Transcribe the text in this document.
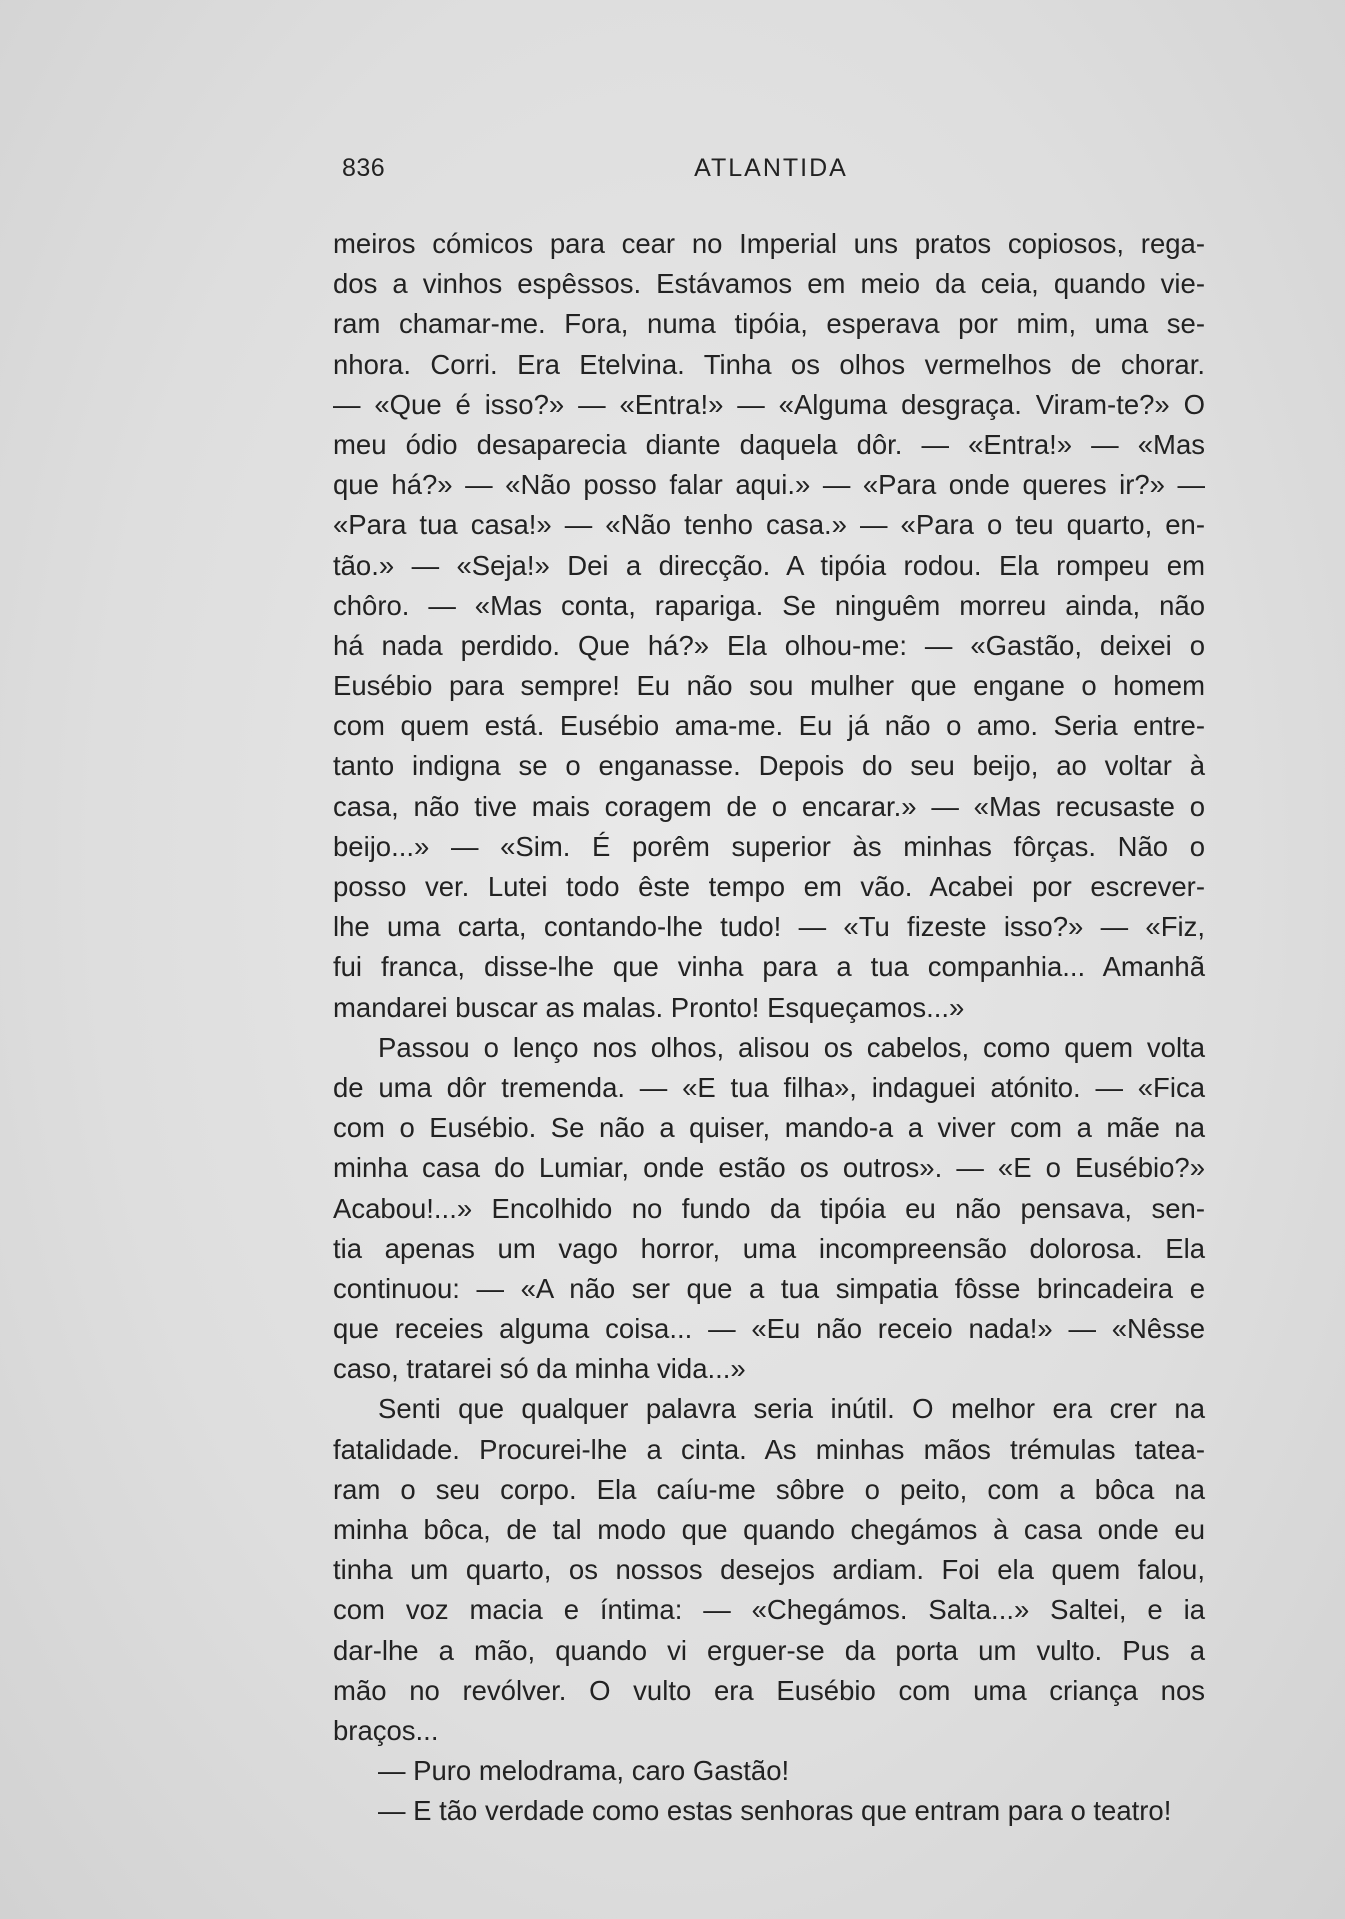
836	ATLANTIDA
meiros cómicos para cear no Imperial uns pratos copiosos, rega-
dos a vinhos espêssos. Estávamos em meio da ceia, quando vie-
ram chamar-me. Fora, numa tipóia, esperava por mim, uma se-
nhora. Corri. Era Etelvina. Tinha os olhos vermelhos de chorar.
— «Que é isso?» — «Entra!» — «Alguma desgraça. Viram-te?» O
meu ódio desaparecia diante daquela dôr. — «Entra!» — «Mas
que há?» — «Não posso falar aqui.» — «Para onde queres ir?» —
«Para tua casa!» — «Não tenho casa.» — «Para o teu quarto, en-
tão.» — «Seja!» Dei a direcção. A tipóia rodou. Ela rompeu em
chôro. — «Mas conta, rapariga. Se ninguêm morreu ainda, não
há nada perdido. Que há?» Ela olhou-me: — «Gastão, deixei o
Eusébio para sempre! Eu não sou mulher que engane o homem
com quem está. Eusébio ama-me. Eu já não o amo. Seria entre-
tanto indigna se o enganasse. Depois do seu beijo, ao voltar à
casa, não tive mais coragem de o encarar.» — «Mas recusaste o
beijo...» — «Sim. É porêm superior às minhas fôrças. Não o
posso ver. Lutei todo êste tempo em vão. Acabei por escrever-
lhe uma carta, contando-lhe tudo! — «Tu fizeste isso?» — «Fiz,
fui franca, disse-lhe que vinha para a tua companhia... Amanhã
mandarei buscar as malas. Pronto! Esqueçamos...»
Passou o lenço nos olhos, alisou os cabelos, como quem volta
de uma dôr tremenda. — «E tua filha», indaguei atónito. — «Fica
com o Eusébio. Se não a quiser, mando-a a viver com a mãe na
minha casa do Lumiar, onde estão os outros». — «E o Eusébio?»
Acabou!...» Encolhido no fundo da tipóia eu não pensava, sen-
tia apenas um vago horror, uma incompreensão dolorosa. Ela
continuou: — «A não ser que a tua simpatia fôsse brincadeira e
que receies alguma coisa... — «Eu não receio nada!» — «Nêsse
caso, tratarei só da minha vida...»
Senti que qualquer palavra seria inútil. O melhor era crer na
fatalidade. Procurei-lhe a cinta. As minhas mãos trémulas tatea-
ram o seu corpo. Ela caíu-me sôbre o peito, com a bôca na
minha bôca, de tal modo que quando chegámos à casa onde eu
tinha um quarto, os nossos desejos ardiam. Foi ela quem falou,
com voz macia e íntima: — «Chegámos. Salta...» Saltei, e ia
dar-lhe a mão, quando vi erguer-se da porta um vulto. Pus a
mão no revólver. O vulto era Eusébio com uma criança nos
braços...
— Puro melodrama, caro Gastão!
— E tão verdade como estas senhoras que entram para o teatro!
